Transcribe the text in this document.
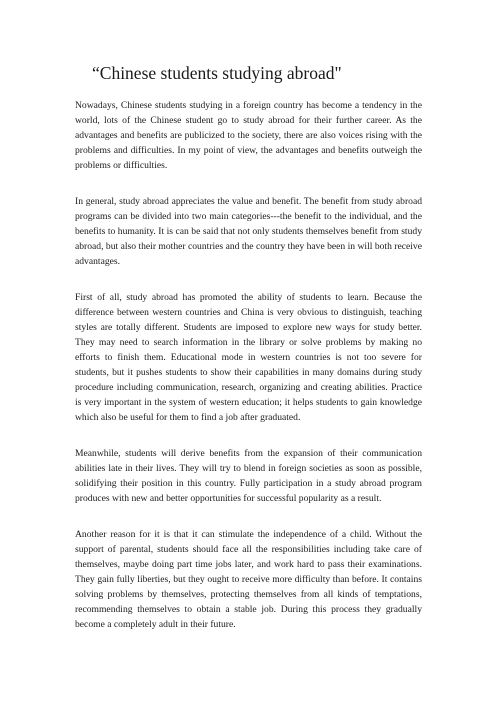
“Chinese students studying abroad"

Nowadays, Chinese students studying in a foreign country has become a tendency in the world, lots of the Chinese student go to study abroad for their further career. As the advantages and benefits are publicized to the society, there are also voices rising with the problems and difficulties. In my point of view, the advantages and benefits outweigh the problems or difficulties.

In general, study abroad appreciates the value and benefit. The benefit from study abroad programs can be divided into two main categories---the benefit to the individual, and the benefits to humanity. It is can be said that not only students themselves benefit from study abroad, but also their mother countries and the country they have been in will both receive advantages.

First of all, study abroad has promoted the ability of students to learn. Because the difference between western countries and China is very obvious to distinguish, teaching styles are totally different. Students are imposed to explore new ways for study better. They may need to search information in the library or solve problems by making no efforts to finish them. Educational mode in western countries is not too severe for students, but it pushes students to show their capabilities in many domains during study procedure including communication, research, organizing and creating abilities. Practice is very important in the system of western education; it helps students to gain knowledge which also be useful for them to find a job after graduated.

Meanwhile, students will derive benefits from the expansion of their communication abilities late in their lives. They will try to blend in foreign societies as soon as possible, solidifying their position in this country. Fully participation in a study abroad program produces with new and better opportunities for successful popularity as a result.

Another reason for it is that it can stimulate the independence of a child. Without the support of parental, students should face all the responsibilities including take care of themselves, maybe doing part time jobs later, and work hard to pass their examinations. They gain fully liberties, but they ought to receive more difficulty than before. It contains solving problems by themselves, protecting themselves from all kinds of temptations, recommending themselves to obtain a stable job. During this process they gradually become a completely adult in their future.
